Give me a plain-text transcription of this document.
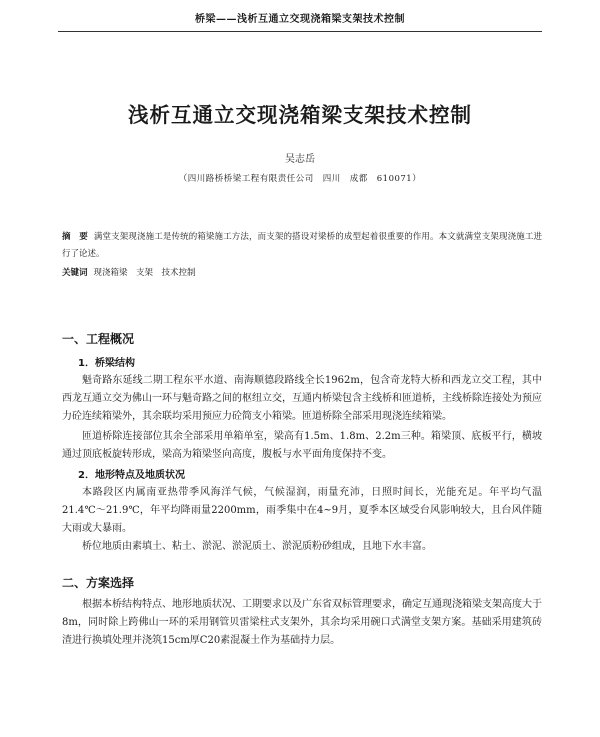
桥梁——浅析互通立交现浇箱梁支架技术控制
浅析互通立交现浇箱梁支架技术控制
吴志岳
（四川路桥桥梁工程有限责任公司　四川　成都　610071）
摘　要 满堂支架现浇施工是传统的箱梁施工方法，而支架的搭设对梁桥的成型起着很重要的作用。本文就满堂支架现浇施工进行了论述。
关键词 现浇箱梁　支架　技术控制
一、工程概况
1．桥梁结构

魁奇路东延线二期工程东平水道、南海顺德段路线全长1962m，包含奇龙特大桥和西龙立交工程，其中西龙互通立交为佛山一环与魁奇路之间的枢纽立交，互通内桥梁包含主线桥和匝道桥，主线桥除连接处为预应力砼连续箱梁外，其余联均采用预应力砼简支小箱梁。匝道桥除全部采用现浇连续箱梁。

匝道桥除连接部位其余全部采用单箱单室，梁高有1.5m、1.8m、2.2m三种。箱梁顶、底板平行，横坡通过顶底板旋转形成，梁高为箱梁竖向高度，腹板与水平面角度保持不变。

2．地形特点及地质状况

本路段区内属南亚热带季风海洋气候，气候湿润，雨量充沛，日照时间长，光能充足。年平均气温21.4℃～21.9℃，年平均降雨量2200mm，雨季集中在4~9月，夏季本区域受台风影响较大，且台风伴随大雨或大暴雨。

桥位地质由素填土、粘土、淤泥、淤泥质土、淤泥质粉砂组成，且地下水丰富。

二、方案选择

根据本桥结构特点、地形地质状况、工期要求以及广东省双标管理要求，确定互通现浇箱梁支架高度大于8m，同时除上跨佛山一环的采用钢管贝雷梁柱式支架外，其余均采用碗口式满堂支架方案。基础采用建筑砖渣进行换填处理并浇筑15cm厚C20素混凝土作为基础持力层。
